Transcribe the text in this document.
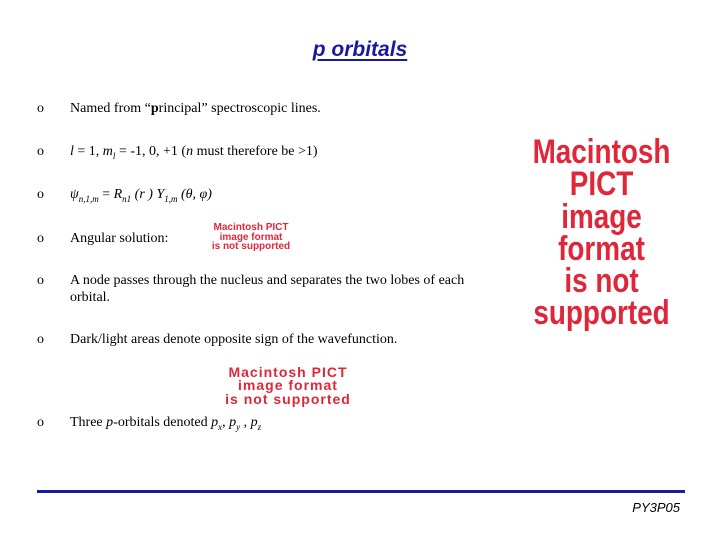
p orbitals
o Named from “principal” spectroscopic lines.
o l = 1, $m_l = -1$, 0, +1 (n must therefore be >1)
o $\psi_{n,1,m} = R_{n1}$ (r ) $Y_{1,m}$ (θ, φ)
o Angular solution:
o A node passes through the nucleus and separates the two lobes of each orbital.
o Dark/light areas denote opposite sign of the wavefunction.
o Three p-orbitals denoted $p_x$, $p_y$ , $p_z$
Macintosh PICT
image format
is not supported
Macintosh PICT
image format
is not supported
Macintosh PICT
image format
is not supported
PY3P05
